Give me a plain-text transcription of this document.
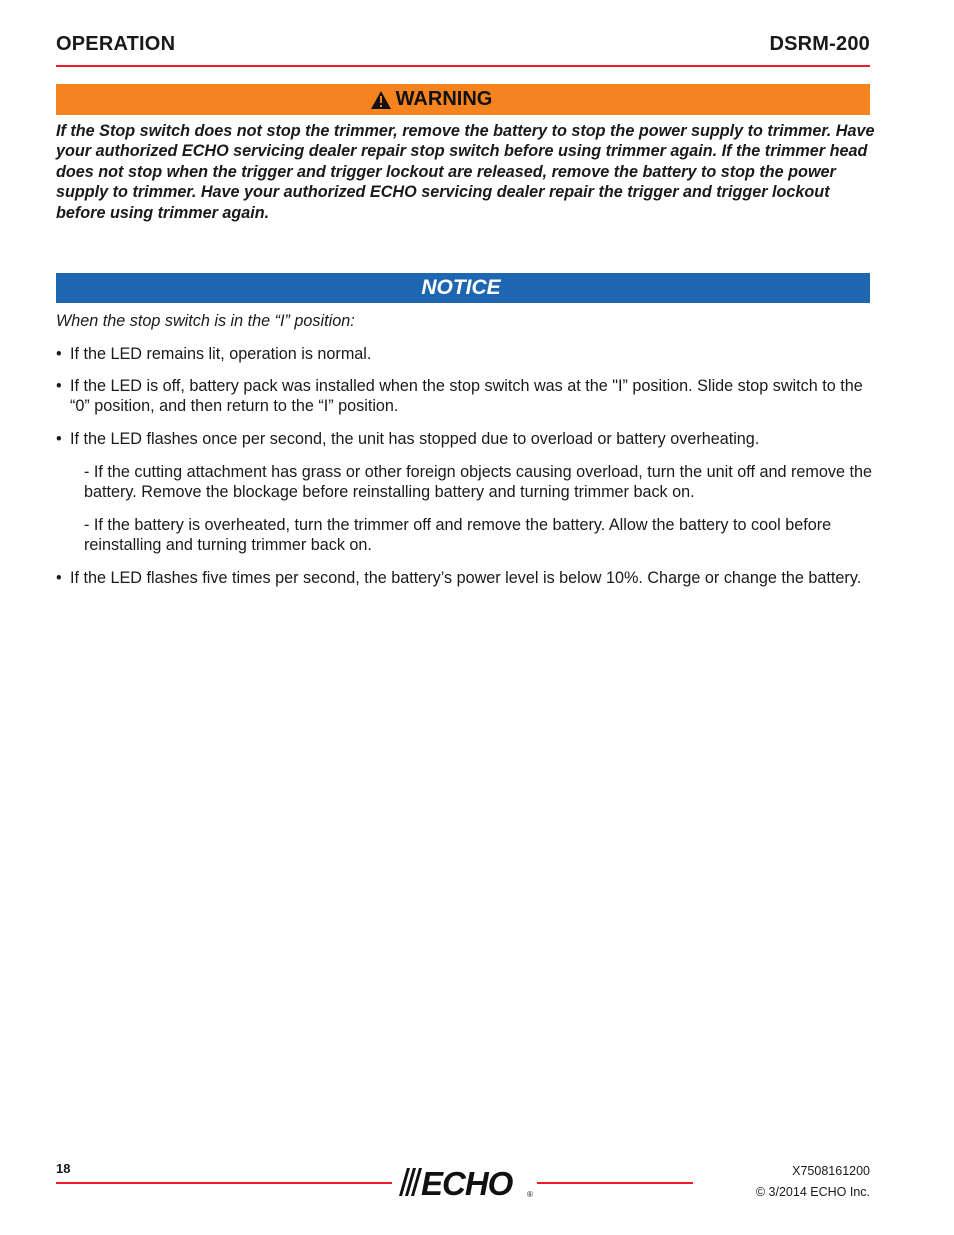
OPERATION	DSRM-200
WARNING
If the Stop switch does not stop the trimmer, remove the battery to stop the power supply to trimmer. Have your authorized ECHO servicing dealer repair stop switch before using trimmer again. If the trimmer head does not stop when the trigger and trigger lockout are released, remove the battery to stop the power supply to trimmer. Have your authorized ECHO servicing dealer repair the trigger and trigger lockout before using trimmer again.
NOTICE
When the stop switch is in the “I” position:
• If the LED remains lit, operation is normal.
• If the LED is off, battery pack was installed when the stop switch was at the "I” position. Slide stop switch to the “0” position, and then return to the “I” position.
• If the LED flashes once per second, the unit has stopped due to overload or battery overheating.
- If the cutting attachment has grass or other foreign objects causing overload, turn the unit off and remove the battery. Remove the blockage before reinstalling battery and turning trimmer back on.
- If the battery is overheated, turn the trimmer off and remove the battery. Allow the battery to cool before reinstalling and turning trimmer back on.
• If the LED flashes five times per second, the battery’s power level is below 10%. Charge or change the battery.
18	ECHO ®
X7508161200
© 3/2014 ECHO Inc.
